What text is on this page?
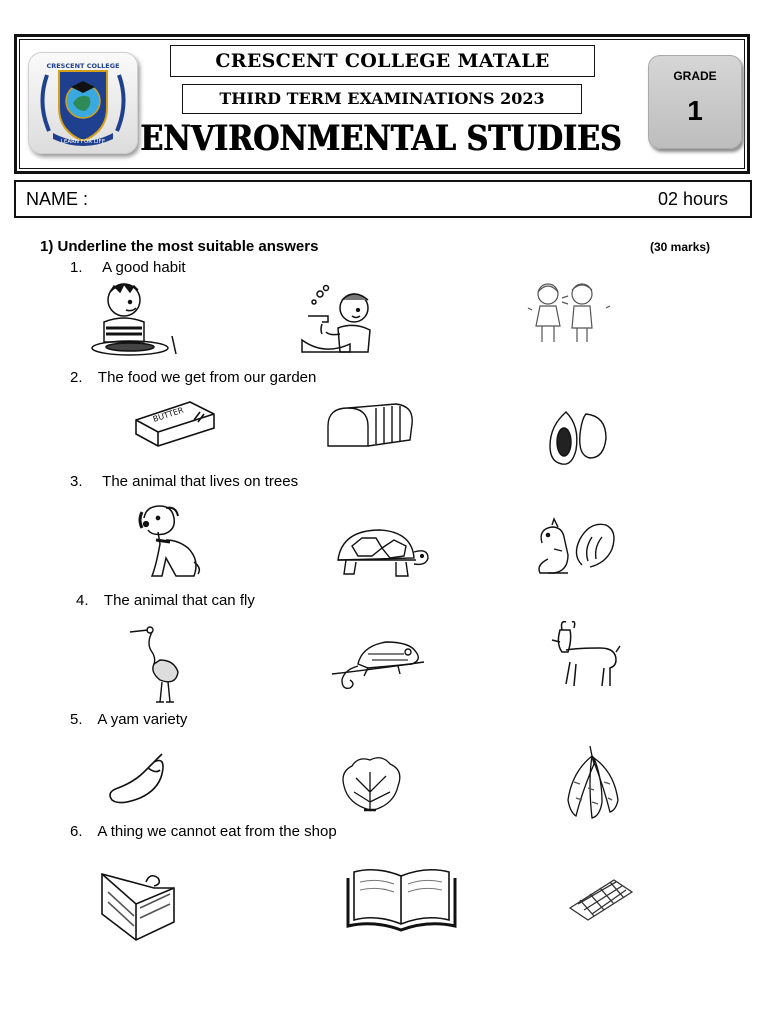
CRESCENT COLLEGE
LEARN FOR LIFE
CRESCENT COLLEGE MATALE
THIRD TERM EXAMINATIONS 2023
ENVIRONMENTAL STUDIES
GRADE
1
NAME :	02 hours
1) Underline the most suitable answers	(30 marks)
1. A good habit
2. The food we get from our garden
BUTTER
3. The animal that lives on trees
4. The animal that can fly
5. A yam variety
6. A thing we cannot eat from the shop
